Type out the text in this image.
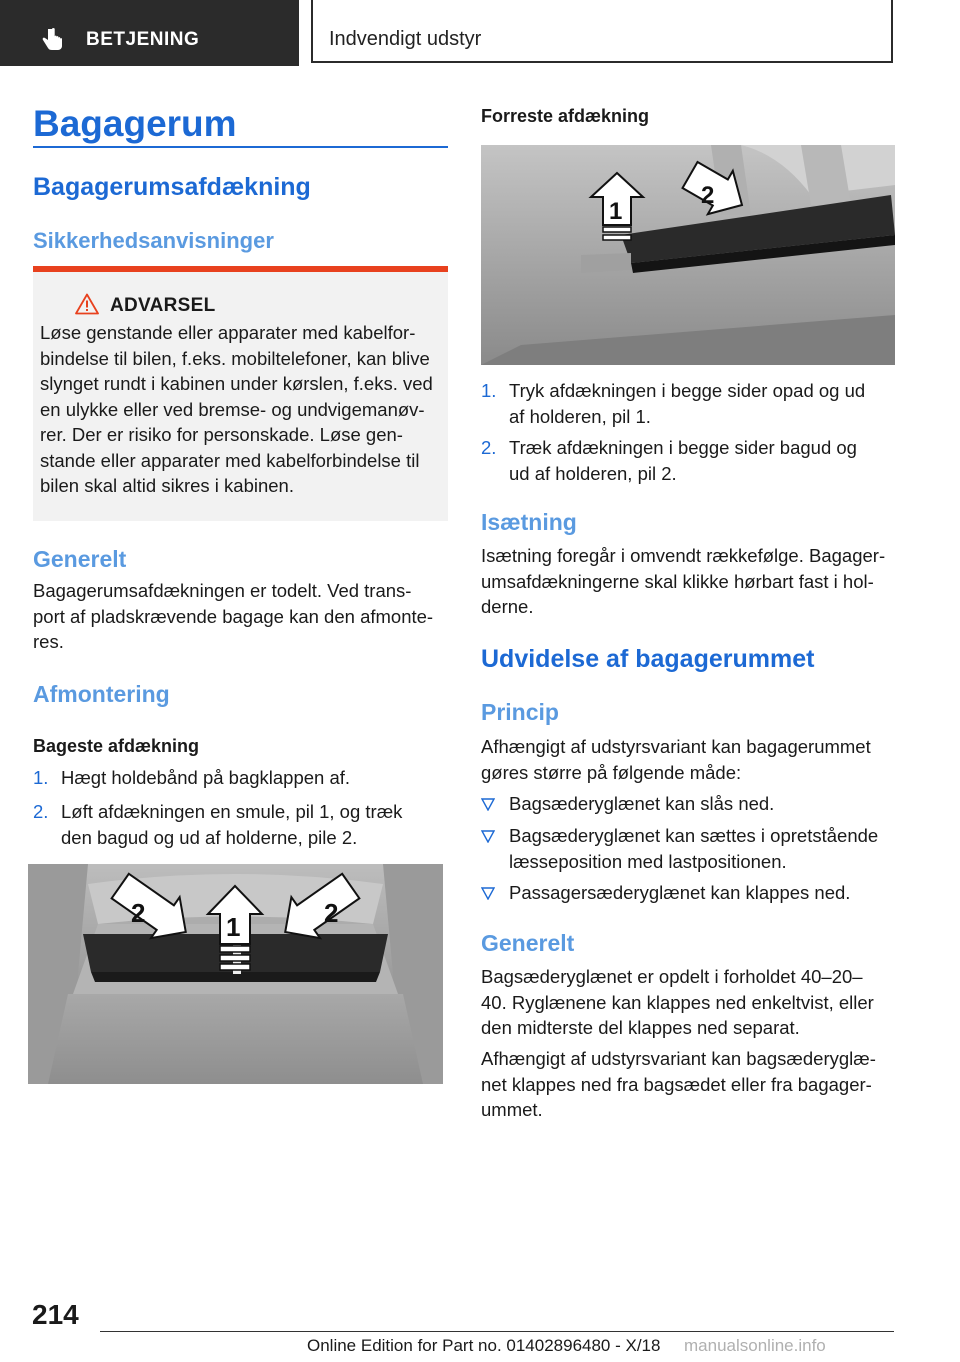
BETJENING	Indvendigt udstyr
Bagagerum
Bagagerumsafdækning
Sikkerhedsanvisninger
ADVARSEL
Løse genstande eller apparater med kabelfor-
bindelse til bilen, f.eks. mobiltelefoner, kan blive
slynget rundt i kabinen under kørslen, f.eks. ved
en ulykke eller ved bremse- og undvigemanøv-
rer. Der er risiko for personskade. Løse gen-
stande eller apparater med kabelforbindelse til
bilen skal altid sikres i kabinen.
Generelt
Bagagerumsafdækningen er todelt. Ved trans-
port af pladskrævende bagage kan den afmonte-
res.
Afmontering
Bageste afdækning
1. Hægt holdebånd på bagklappen af.
2. Løft afdækningen en smule, pil 1, og træk
den bagud og ud af holderne, pile 2.
2	1	2
Forreste afdækning
1
2
1. Tryk afdækningen i begge sider opad og ud
af holderen, pil 1.
2. Træk afdækningen i begge sider bagud og
ud af holderen, pil 2.
Isætning
Isætning foregår i omvendt rækkefølge. Bagager-
umsafdækningerne skal klikke hørbart fast i hol-
derne.
Udvidelse af bagagerummet
Princip
Afhængigt af udstyrsvariant kan bagagerummet
gøres større på følgende måde:
Bagsæderyglænet kan slås ned.
Bagsæderyglænet kan sættes i opretstående
læsseposition med lastpositionen.
Passagersæderyglænet kan klappes ned.
Generelt
Bagsæderyglænet er opdelt i forholdet 40–20–
40. Ryglænene kan klappes ned enkeltvist, eller
den midterste del klappes ned separat.
Afhængigt af udstyrsvariant kan bagsæderyglæ-
net klappes ned fra bagsædet eller fra bagager-
ummet.
214
Online Edition for Part no. 01402896480 - X/18 manualsonline.info
